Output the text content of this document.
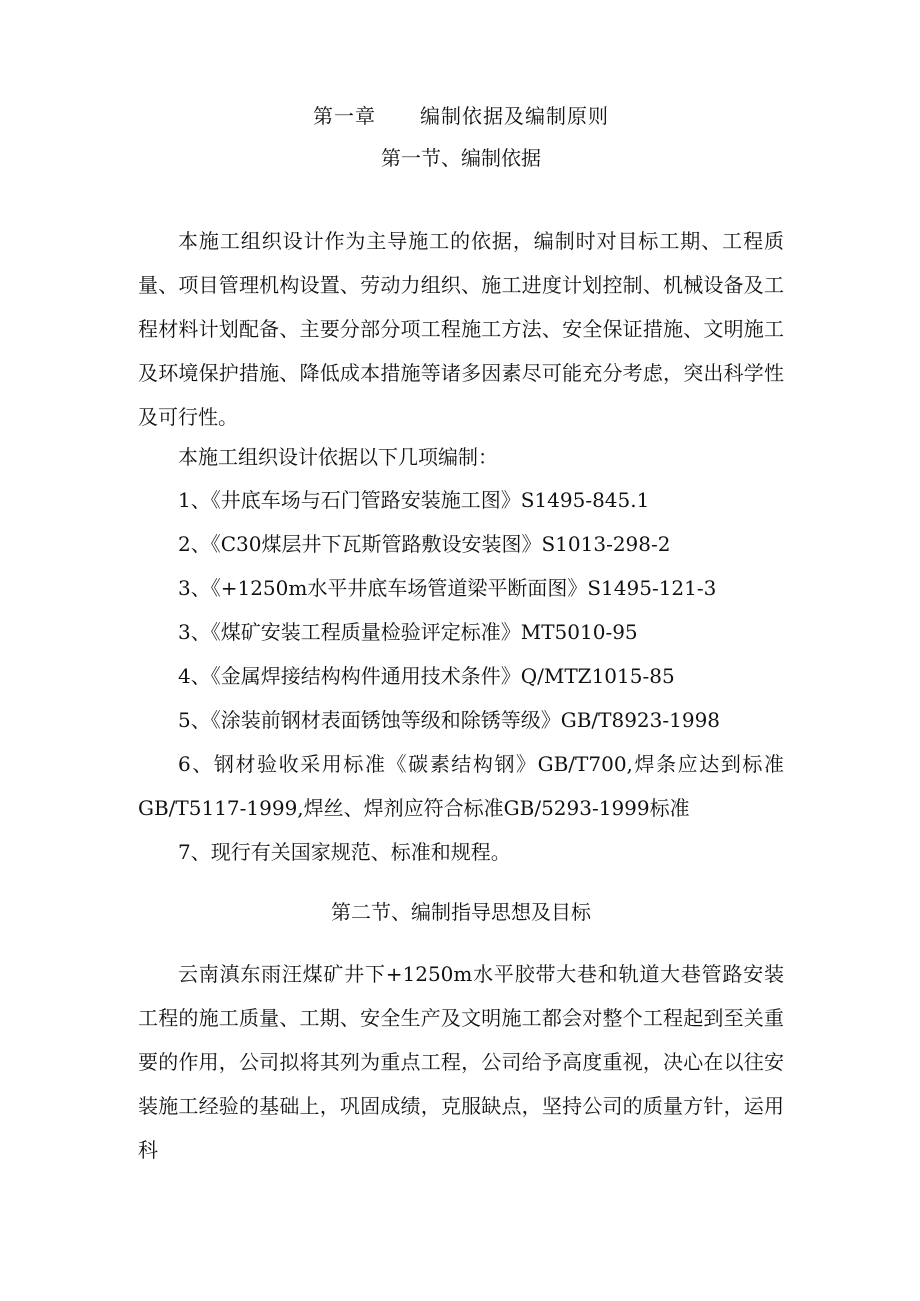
第一章 编制依据及编制原则
第一节、编制依据

本施工组织设计作为主导施工的依据，编制时对目标工期、工程质量、项目管理机构设置、劳动力组织、施工进度计划控制、机械设备及工程材料计划配备、主要分部分项工程施工方法、安全保证措施、文明施工及环境保护措施、降低成本措施等诸多因素尽可能充分考虑，突出科学性及可行性。

本施工组织设计依据以下几项编制：

1、《井底车场与石门管路安装施工图》S1495-845.1
2、《C30煤层井下瓦斯管路敷设安装图》S1013-298-2
3、《+1250m水平井底车场管道梁平断面图》S1495-121-3
3、《煤矿安装工程质量检验评定标准》MT5010-95
4、《金属焊接结构构件通用技术条件》Q/MTZ1015-85
5、《涂装前钢材表面锈蚀等级和除锈等级》GB/T8923-1998
6、钢材验收采用标准《碳素结构钢》GB/T700,焊条应达到标准GB/T5117-1999,焊丝、焊剂应符合标准GB/5293-1999标准
7、现行有关国家规范、标准和规程。
第二节、编制指导思想及目标

云南滇东雨汪煤矿井下+1250m水平胶带大巷和轨道大巷管路安装工程的施工质量、工期、安全生产及文明施工都会对整个工程起到至关重要的作用，公司拟将其列为重点工程，公司给予高度重视，决心在以往安装施工经验的基础上，巩固成绩，克服缺点，坚持公司的质量方针，运用科
